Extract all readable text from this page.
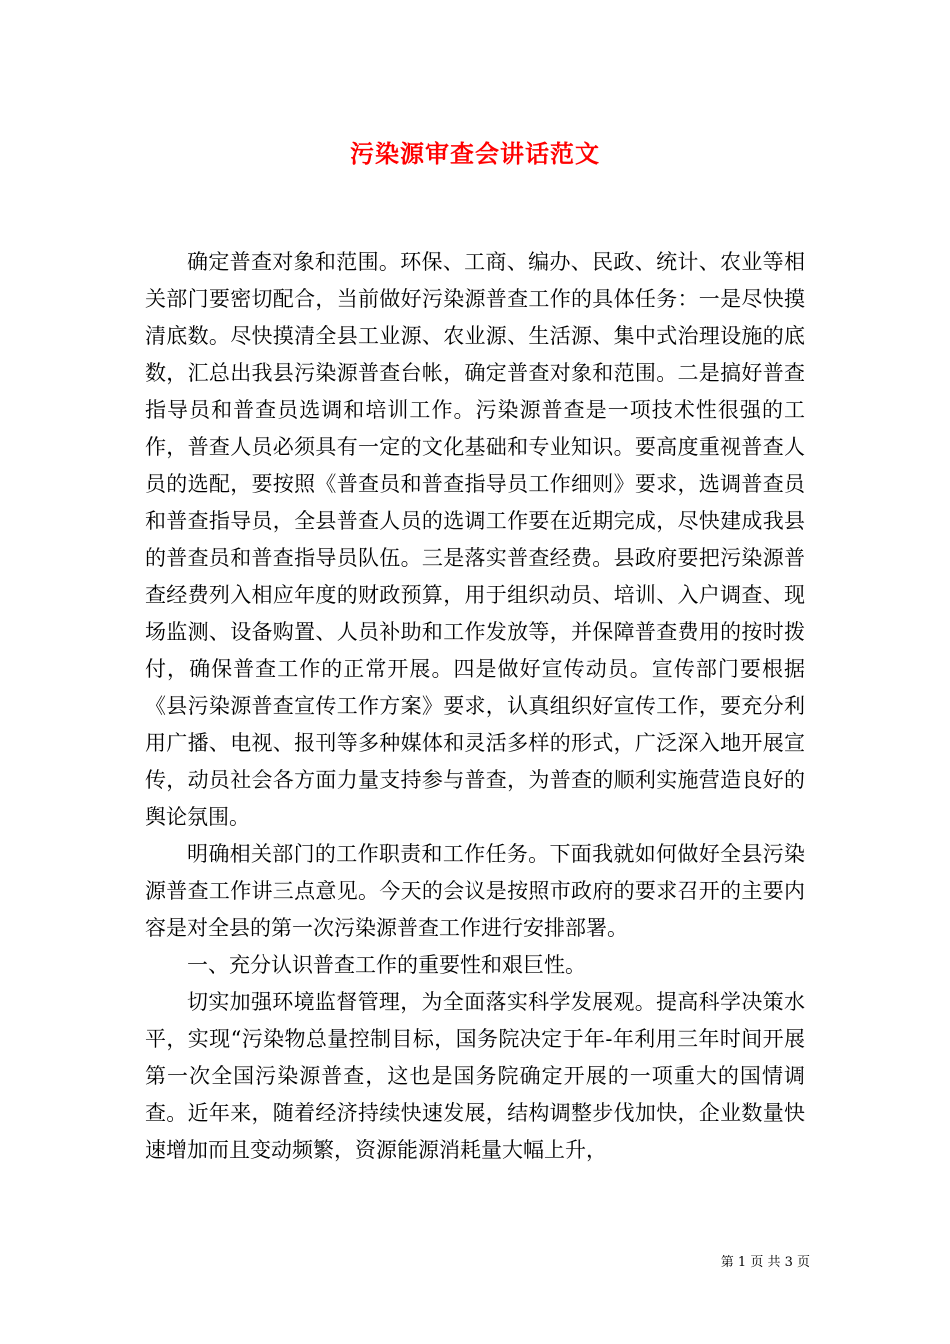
污染源审查会讲话范文

确定普查对象和范围。环保、工商、编办、民政、统计、农业等相关部门要密切配合，当前做好污染源普查工作的具体任务：一是尽快摸清底数。尽快摸清全县工业源、农业源、生活源、集中式治理设施的底数，汇总出我县污染源普查台帐，确定普查对象和范围。二是搞好普查指导员和普查员选调和培训工作。污染源普查是一项技术性很强的工作，普查人员必须具有一定的文化基础和专业知识。要高度重视普查人员的选配，要按照《普查员和普查指导员工作细则》要求，选调普查员和普查指导员，全县普查人员的选调工作要在近期完成，尽快建成我县的普查员和普查指导员队伍。三是落实普查经费。县政府要把污染源普查经费列入相应年度的财政预算，用于组织动员、培训、入户调查、现场监测、设备购置、人员补助和工作发放等，并保障普查费用的按时拨付，确保普查工作的正常开展。四是做好宣传动员。宣传部门要根据《县污染源普查宣传工作方案》要求，认真组织好宣传工作，要充分利用广播、电视、报刊等多种媒体和灵活多样的形式，广泛深入地开展宣传，动员社会各方面力量支持参与普查，为普查的顺利实施营造良好的舆论氛围。

明确相关部门的工作职责和工作任务。下面我就如何做好全县污染源普查工作讲三点意见。今天的会议是按照市政府的要求召开的主要内容是对全县的第一次污染源普查工作进行安排部署。

一、充分认识普查工作的重要性和艰巨性。

切实加强环境监督管理，为全面落实科学发展观。提高科学决策水平，实现“污染物总量控制目标，国务院决定于年-年利用三年时间开展第一次全国污染源普查，这也是国务院确定开展的一项重大的国情调查。近年来，随着经济持续快速发展，结构调整步伐加快，企业数量快速增加而且变动频繁，资源能源消耗量大幅上升，

第 1 页 共 3 页
